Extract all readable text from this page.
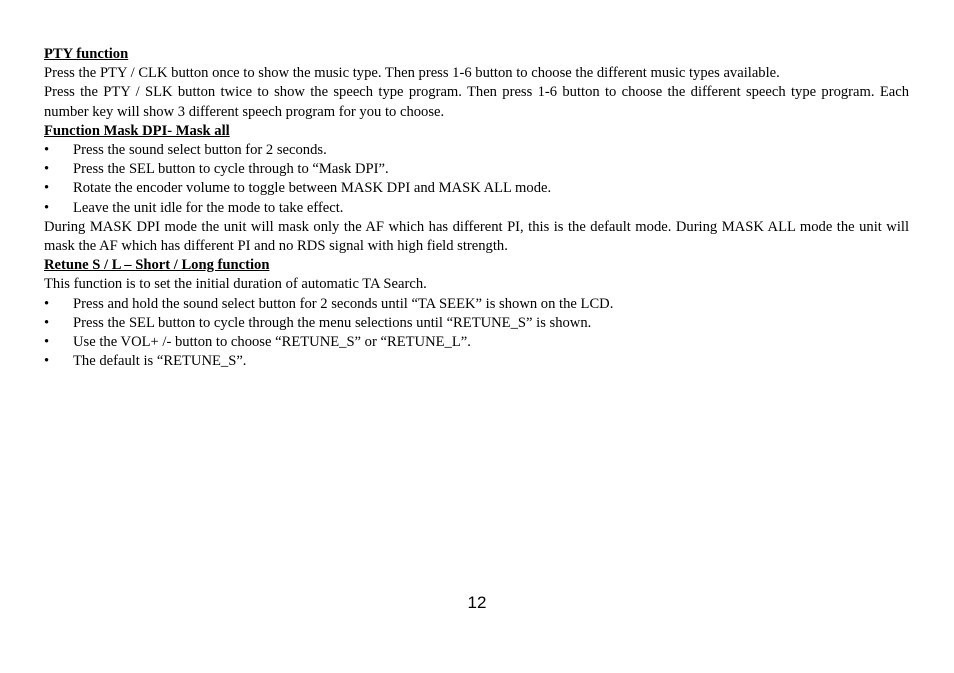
PTY function

Press the PTY / CLK button once to show the music type. Then press 1-6 button to choose the different music types available.

Press the PTY / SLK button twice to show the speech type program. Then press 1-6 button to choose the different speech type program. Each number key will show 3 different speech program for you to choose.

Function Mask DPI- Mask all
•	Press the sound select button for 2 seconds.
•	Press the SEL button to cycle through to “Mask DPI”.
•	Rotate the encoder volume to toggle between MASK DPI and MASK ALL mode.
•	Leave the unit idle for the mode to take effect.

During MASK DPI mode the unit will mask only the AF which has different PI, this is the default mode. During MASK ALL mode the unit will mask the AF which has different PI and no RDS signal with high field strength.

Retune S / L – Short / Long function

This function is to set the initial duration of automatic TA Search.

•	Press and hold the sound select button for 2 seconds until “TA SEEK” is shown on the LCD.
•	Press the SEL button to cycle through the menu selections until “RETUNE_S” is shown.
•	Use the VOL+ /- button to choose “RETUNE_S” or “RETUNE_L”.
•	The default is “RETUNE_S”.
12
